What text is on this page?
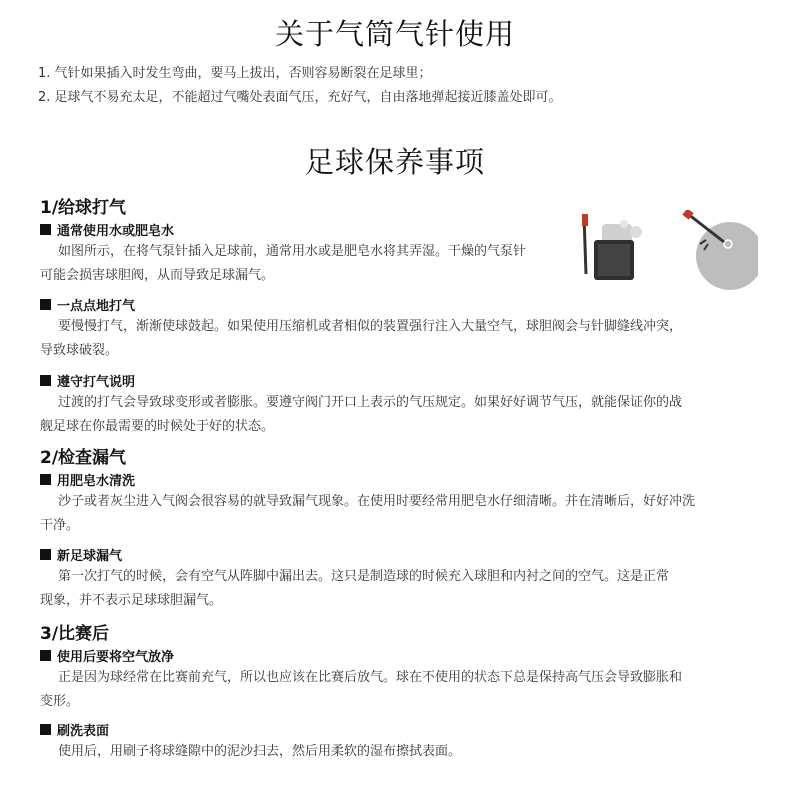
关于气筒气针使用
1. 气针如果插入时发生弯曲，要马上拔出，否则容易断裂在足球里；
2. 足球气不易充太足，不能超过气嘴处表面气压，充好气，自由落地弹起接近膝盖处即可。
足球保养事项
1/给球打气
通常使用水或肥皂水
如图所示，在将气泵针插入足球前，通常用水或是肥皂水将其弄湿。干燥的气泵针
可能会损害球胆阀，从而导致足球漏气。
一点点地打气
要慢慢打气，渐渐使球鼓起。如果使用压缩机或者相似的装置强行注入大量空气，球胆阀会与针脚缝线冲突，
导致球破裂。
遵守打气说明
过渡的打气会导致球变形或者膨胀。要遵守阀门开口上表示的气压规定。如果好好调节气压，就能保证你的战
舰足球在你最需要的时候处于好的状态。
2/检查漏气
用肥皂水清洗
沙子或者灰尘进入气阀会很容易的就导致漏气现象。在使用时要经常用肥皂水仔细清晰。并在清晰后，好好冲洗
干净。
新足球漏气
第一次打气的时候，会有空气从阵脚中漏出去。这只是制造球的时候充入球胆和内衬之间的空气。这是正常
现象，并不表示足球球胆漏气。
3/比赛后
使用后要将空气放净
正是因为球经常在比赛前充气，所以也应该在比赛后放气。球在不使用的状态下总是保持高气压会导致膨胀和
变形。
刷洗表面
使用后，用刷子将球缝隙中的泥沙扫去，然后用柔软的湿布擦拭表面。
